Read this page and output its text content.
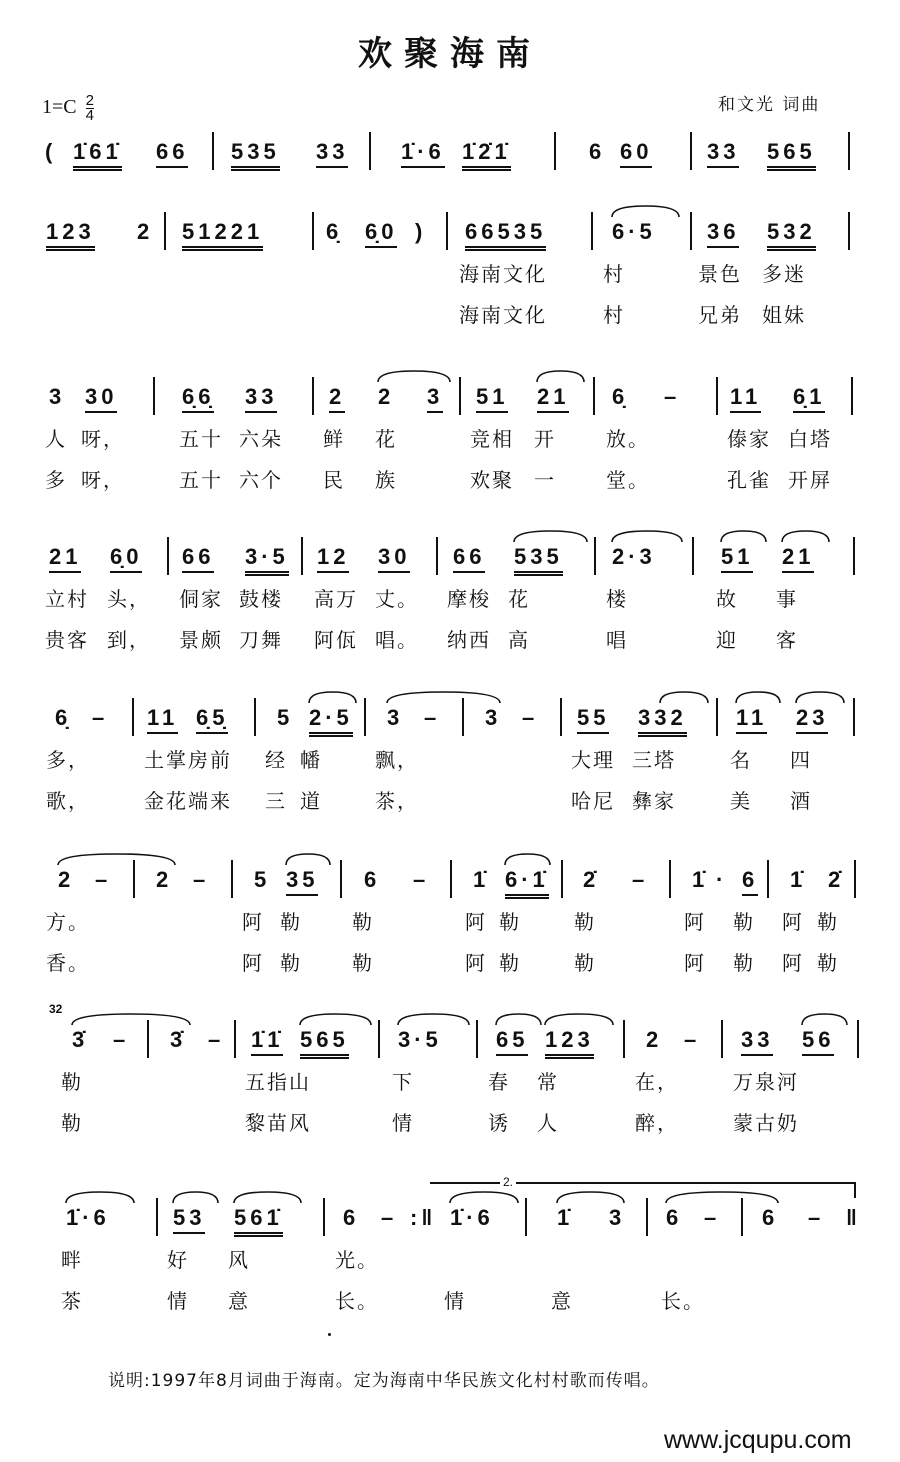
欢聚海南
$1=C \frac{2}{4}$	和文光 词曲
( 1̇61̇ 66 535 33 1̇·6 1̇2̇1̇	6 60 33 565
123 2 51221	6̣ 6̣0 ) 66535	6·5 36 532
海南文化	村	景色 多迷
海南文化	村	兄弟 姐妹
3 30	6̣6̣ 33 2 2 3 51 21 6̣ – 11 6̣1
人 呀，	五十 六朵 鲜 花	竞相 开	放。	傣家 白塔
多 呀，	五十 六个 民 族	欢聚 一	堂。	孔雀 开屏
21 6̣0 66 3·5 12 30 66 535 2·3	51 21
立村 头， 侗家 鼓楼 高万 丈。 摩梭 花	楼	故 事
贵客 到， 景颇 刀舞 阿佤 唱。 纳西 高	唱	迎 客
6̣ – 11 6̣5̣ 5 2·5 3 – 3 – 55 332 11 23
多，	土掌房前 经 幡	飘，	大理 三塔	名 四
歌，	金花端来 三 道	茶，	哈尼 彝家	美 酒
2 – 2 – 5 35 6 – 1̇ 6·1̇ 2̇ – 1̇ · 6 1̇ 2̇
方。	阿 勒	勒	阿 勒	勒	阿 勒 阿 勒
香。	阿 勒	勒	阿 勒	勒	阿 勒 阿 勒
3̇ – 3̇ – 1̇1̇ 565 3·5 65 123 2 – 33 56
32
勒	五指山	下	春 常	在，	万泉河
勒	黎苗风	情	诱 人	醉，	蒙古奶
1̇·6	53 561̇	6 – :‖ 1̇·6	1̇ 3 6 – 6 – ‖
2.
畔	好 风	光。
茶	情 意	长。	情	意	长。
说明:1997年8月词曲于海南。定为海南中华民族文化村村歌而传唱。
www.jcqupu.com
